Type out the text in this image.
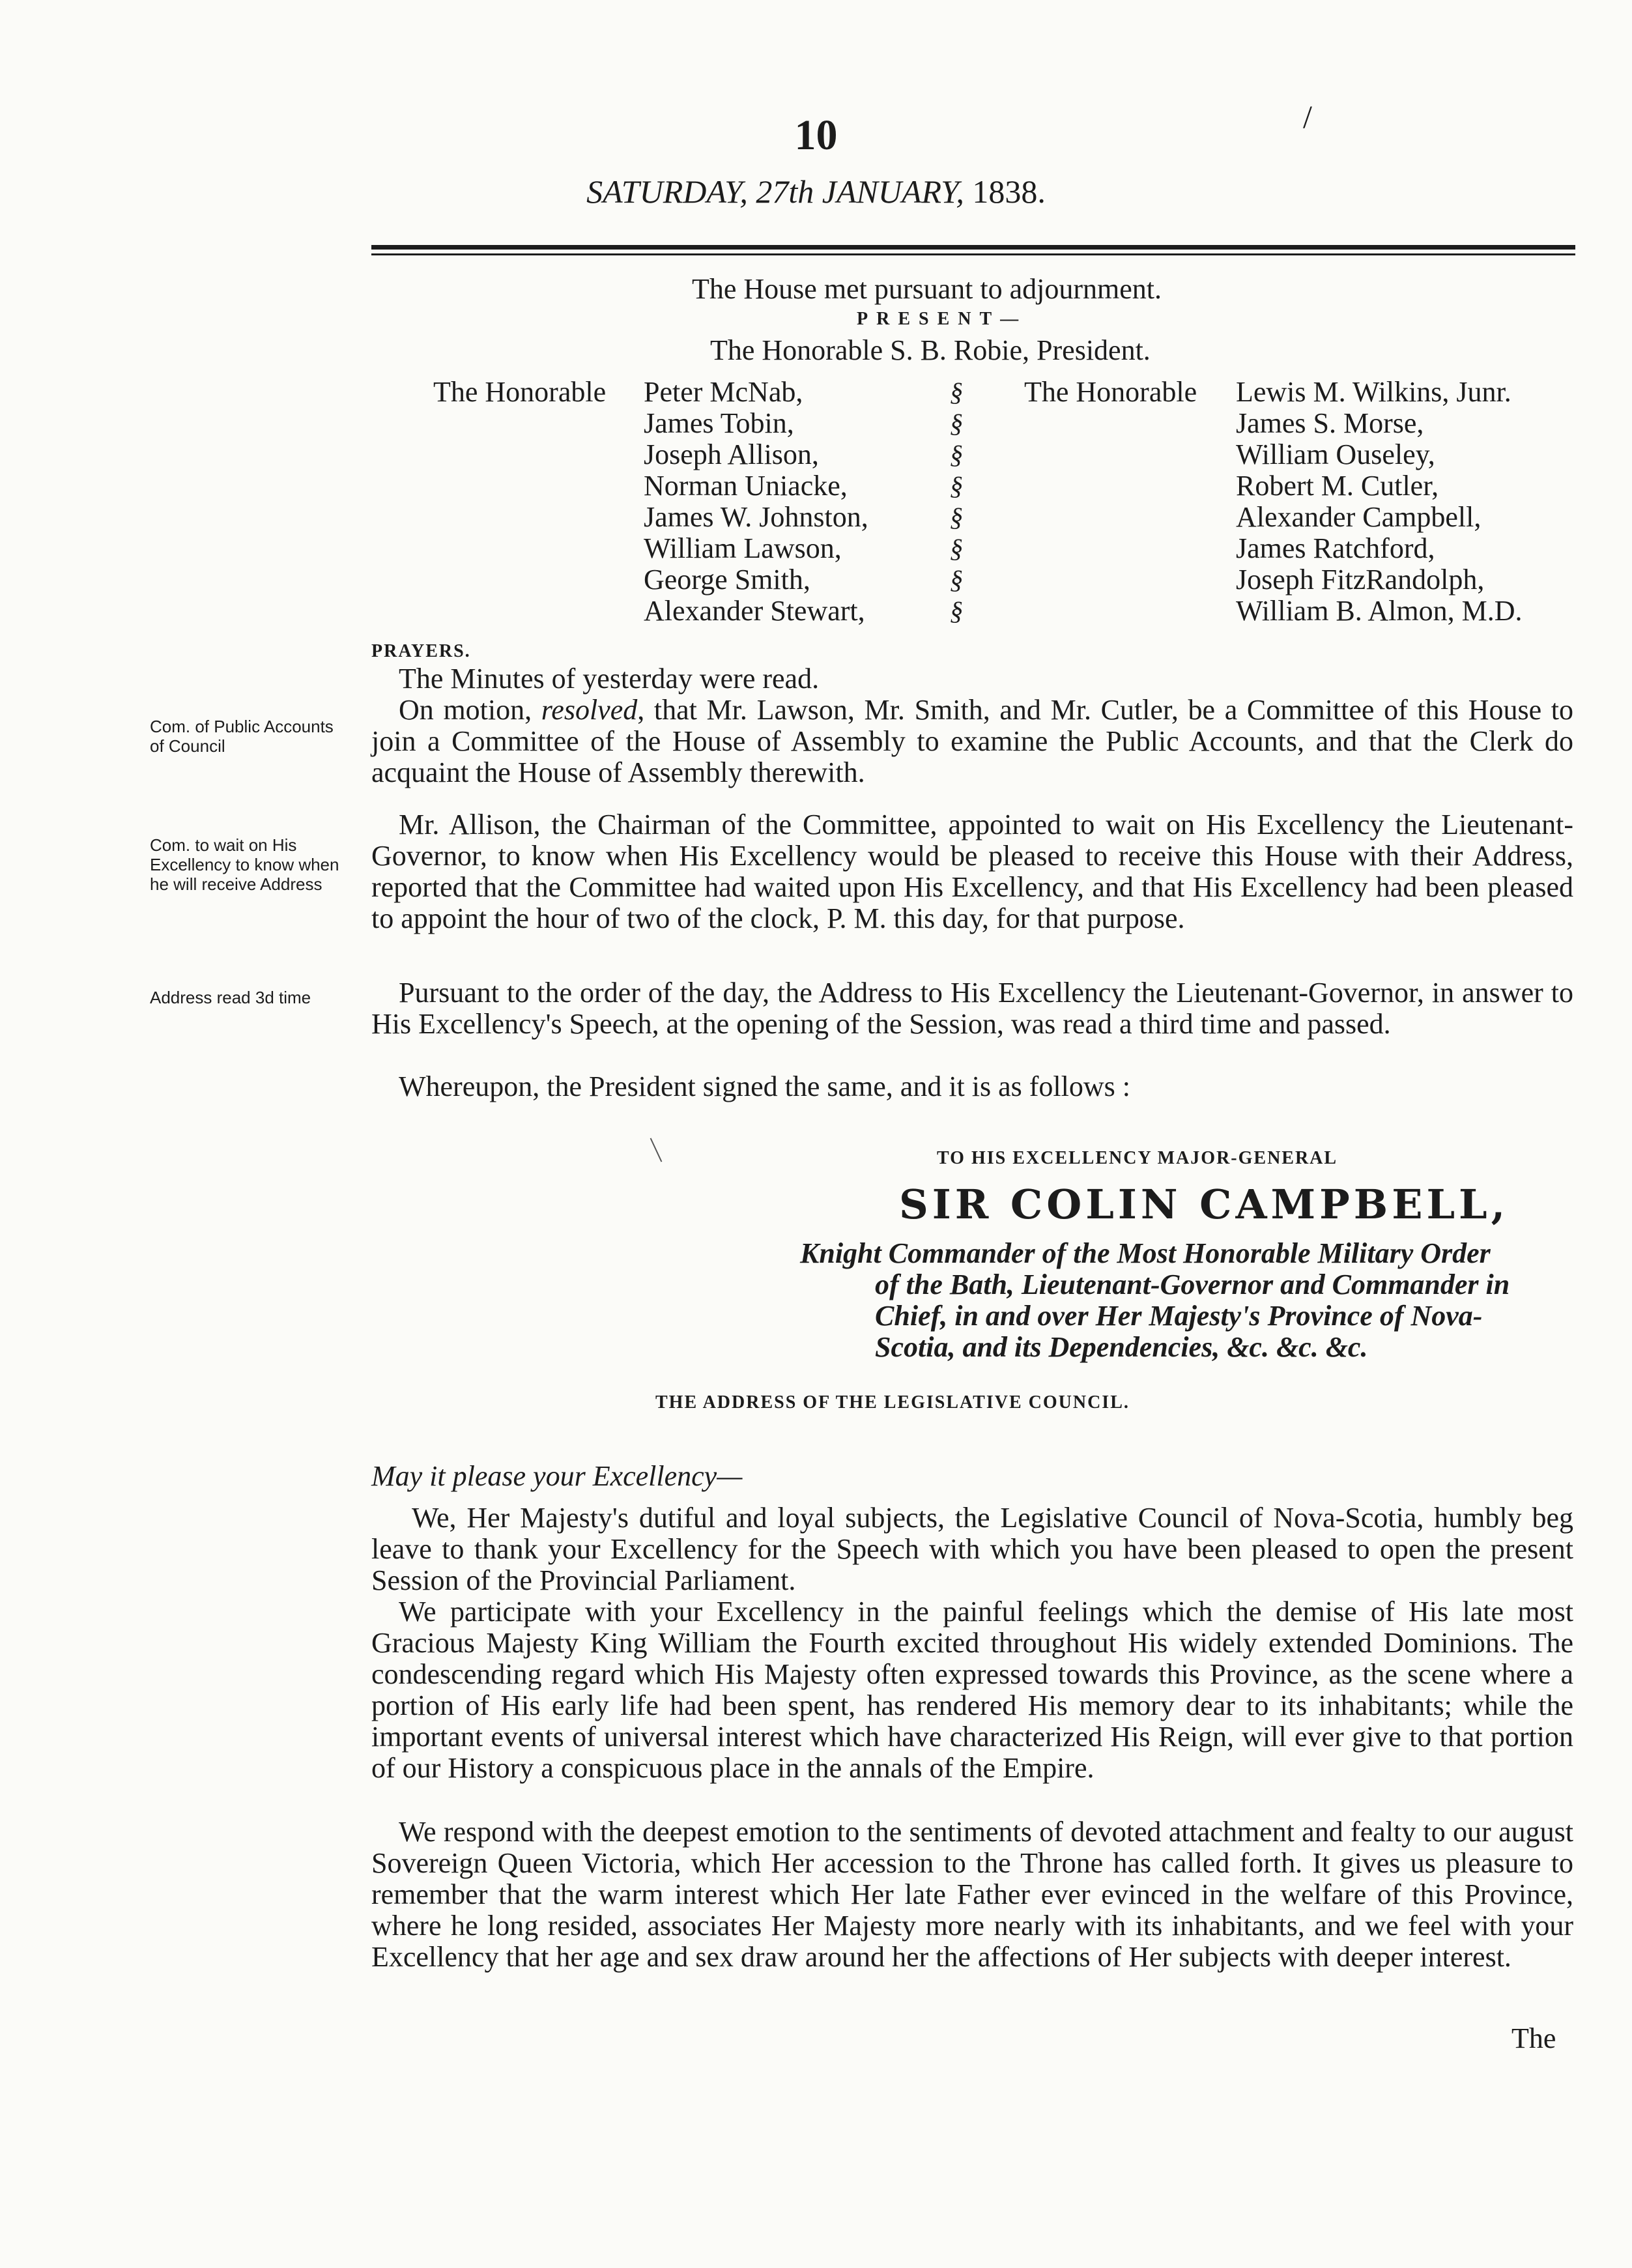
/
10
SATURDAY, 27th JANUARY, 1838.
The House met pursuant to adjournment.
PRESENT—
The Honorable S. B. Robie, President.
The Honorable	The Honorable
Peter McNab,
James Tobin,
Joseph Allison,
Norman Uniacke,
James W. Johnston,
William Lawson,
George Smith,
Alexander Stewart,
§
§
§
§
§
§
§
§
Lewis M. Wilkins, Junr.
James S. Morse,
William Ouseley,
Robert M. Cutler,
Alexander Campbell,
James Ratchford,
Joseph FitzRandolph,
William B. Almon, M.D.
PRAYERS.
The Minutes of yesterday were read.
On motion, resolved, that Mr. Lawson, Mr. Smith, and Mr. Cutler, be a Committee of this House to join a Committee of the House of Assembly to examine the Public Accounts, and that the Clerk do acquaint the House of Assembly therewith.
Mr. Allison, the Chairman of the Committee, appointed to wait on His Excellency the Lieutenant-Governor, to know when His Excellency would be pleased to receive this House with their Address, reported that the Committee had waited upon His Excellency, and that His Excellency had been pleased to appoint the hour of two of the clock, P. M. this day, for that purpose.
Pursuant to the order of the day, the Address to His Excellency the Lieutenant-Governor, in answer to His Excellency's Speech, at the opening of the Session, was read a third time and passed.
Whereupon, the President signed the same, and it is as follows :
Com. of Public Accounts of Council
Com. to wait on His Excellency to know when he will receive Address
Address read 3d time
TO HIS EXCELLENCY MAJOR-GENERAL
SIR COLIN CAMPBELL,
Knight Commander of the Most Honorable Military Order
of the Bath, Lieutenant-Governor and Commander in
Chief, in and over Her Majesty's Province of Nova-
Scotia, and its Dependencies, &c. &c. &c.
THE ADDRESS OF THE LEGISLATIVE COUNCIL.
May it please your Excellency—
We, Her Majesty's dutiful and loyal subjects, the Legislative Council of Nova-Scotia, humbly beg leave to thank your Excellency for the Speech with which you have been pleased to open the present Session of the Provincial Parliament.
We participate with your Excellency in the painful feelings which the demise of His late most Gracious Majesty King William the Fourth excited throughout His widely extended Dominions. The condescending regard which His Majesty often expressed towards this Province, as the scene where a portion of His early life had been spent, has rendered His memory dear to its inhabitants; while the important events of universal interest which have characterized His Reign, will ever give to that portion of our History a conspicuous place in the annals of the Empire.
We respond with the deepest emotion to the sentiments of devoted attachment and fealty to our august Sovereign Queen Victoria, which Her accession to the Throne has called forth. It gives us pleasure to remember that the warm interest which Her late Father ever evinced in the welfare of this Province, where he long resided, associates Her Majesty more nearly with its inhabitants, and we feel with your Excellency that her age and sex draw around her the affections of Her subjects with deeper interest.
The
